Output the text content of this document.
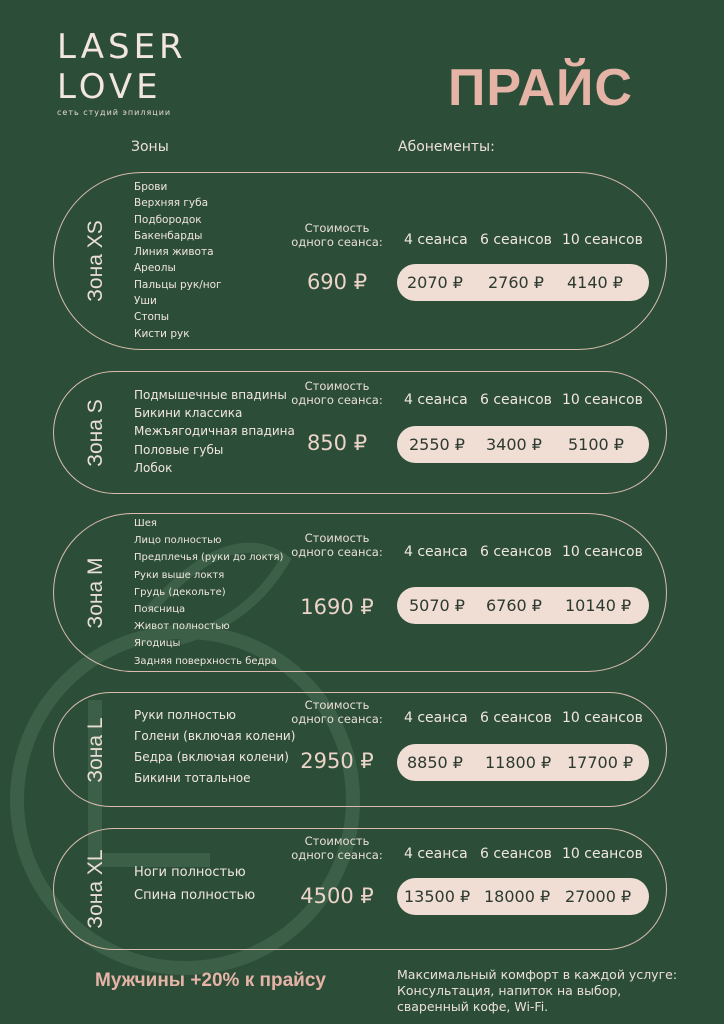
LASER
LOVE
сеть студий эпиляции	ПРАЙС
Зоны	Абонементы:
Зона XS
Брови
Верхняя губа
Подбородок
Бакенбарды
Линия живота
Ареолы
Пальцы рук/ног
Уши
Стопы
Кисти рук
Стоимость
одного сеанса:
690 ₽
4 сеанса 6 сеансов 10 сеансов
2070 ₽ 2760 ₽ 4140 ₽
Зона S
Подмышечные впадины
Бикини классика
Межъягодичная впадина
Половые губы
Лобок
Стоимость
одного сеанса:
850 ₽
4 сеанса 6 сеансов 10 сеансов
2550 ₽ 3400 ₽ 5100 ₽
Зона M
Шея
Лицо полностью
Предплечья (руки до локтя)
Руки выше локтя
Грудь (декольте)
Поясница
Живот полностью
Ягодицы
Задняя поверхность бедра
Стоимость
одного сеанса:
1690 ₽
4 сеанса 6 сеансов 10 сеансов
5070 ₽ 6760 ₽ 10140 ₽
Зона L
Руки полностью
Голени (включая колени)
Бедра (включая колени)
Бикини тотальное
Стоимость
одного сеанса:
2950 ₽
4 сеанса 6 сеансов 10 сеансов
8850 ₽ 11800 ₽ 17700 ₽
Зона XL Ноги полностью
Спина полностью
Стоимость
одного сеанса:
4500 ₽
4 сеанса 6 сеансов 10 сеансов
13500 ₽ 18000 ₽ 27000 ₽
Мужчины +20% к прайсу	Максимальный комфорт в каждой услуге:
Консультация, напиток на выбор,
сваренный кофе, Wi-Fi.
